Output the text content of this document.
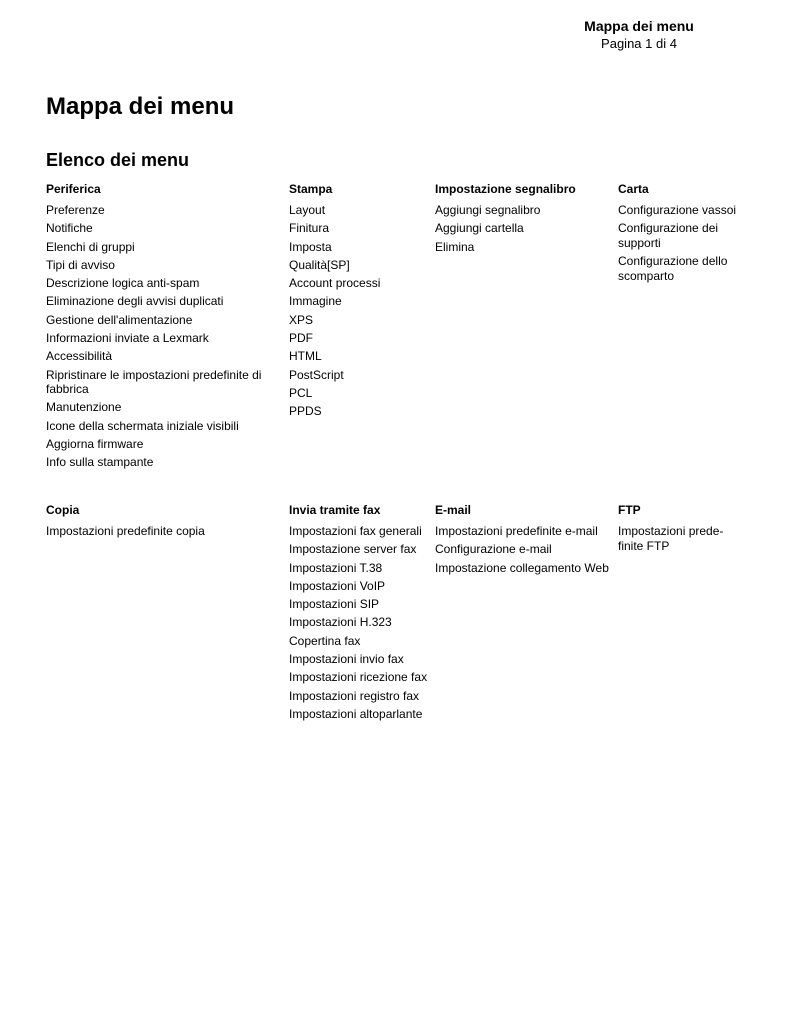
Mappa dei menu
Pagina 1 di 4
Mappa dei menu
Elenco dei menu
Periferica
Preferenze
Notifiche
Elenchi di gruppi
Tipi di avviso
Descrizione logica anti-spam
Eliminazione degli avvisi duplicati
Gestione dell'alimentazione
Informazioni inviate a Lexmark
Accessibilità
Ripristinare le impostazioni predefinite di fabbrica
Manutenzione
Icone della schermata iniziale visibili
Aggiorna firmware
Info sulla stampante
Stampa
Layout
Finitura
Imposta
Qualità[SP]
Account processi
Immagine
XPS
PDF
HTML
PostScript
PCL
PPDS
Impostazione segnalibro
Aggiungi segnalibro
Aggiungi cartella
Elimina
Carta
Configurazione vassoi
Configurazione dei supporti
Configurazione dello scomparto
Copia
Impostazioni predefinite copia
Invia tramite fax
Impostazioni fax generali
Impostazione server fax
Impostazioni T.38
Impostazioni VoIP
Impostazioni SIP
Impostazioni H.323
Copertina fax
Impostazioni invio fax
Impostazioni ricezione fax
Impostazioni registro fax
Impostazioni altoparlante
E-mail
Impostazioni predefinite e-mail
Configurazione e-mail
Impostazione collegamento Web
FTP
Impostazioni prede-finite FTP
